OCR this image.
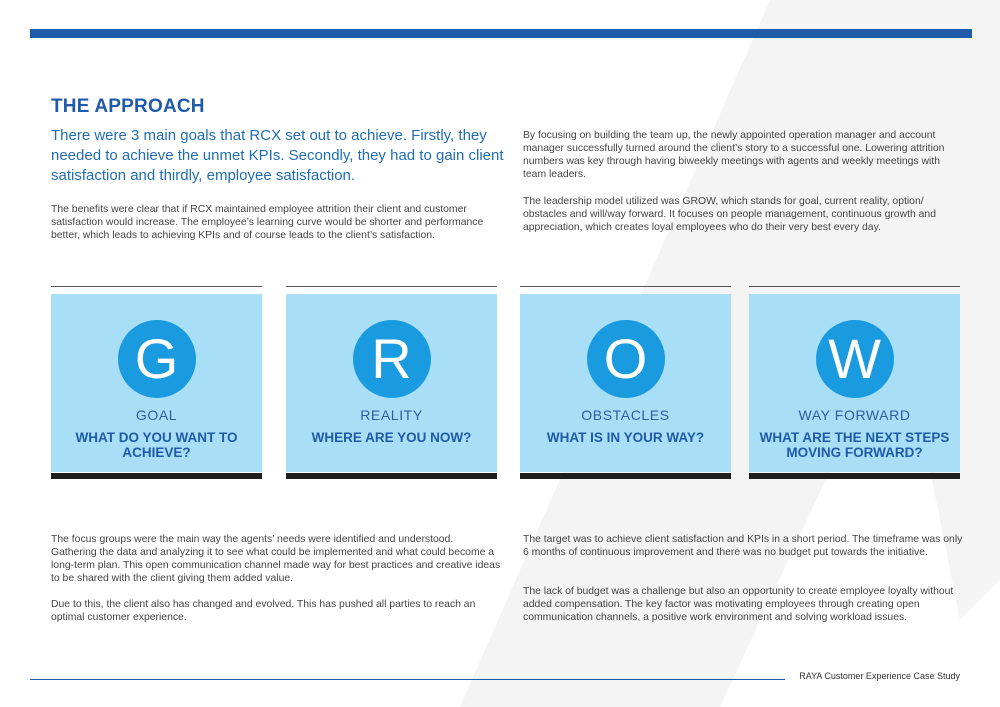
THE APPROACH

There were 3 main goals that RCX set out to achieve. Firstly, they needed to achieve the unmet KPIs. Secondly, they had to gain client satisfaction and thirdly, employee satisfaction.

The benefits were clear that if RCX maintained employee attrition their client and customer satisfaction would increase. The employee’s learning curve would be shorter and performance better, which leads to achieving KPIs and of course leads to the client’s satisfaction.

By focusing on building the team up, the newly appointed operation manager and account manager successfully turned around the client’s story to a successful one. Lowering attrition numbers was key through having biweekly meetings with agents and weekly meetings with team leaders.

The leadership model utilized was GROW, which stands for goal, current reality, option/ obstacles and will/way forward. It focuses on people management, continuous growth and appreciation, which creates loyal employees who do their very best every day.

G
GOAL
WHAT DO YOU WANT TO ACHIEVE?
R
REALITY
WHERE ARE YOU NOW?
O
OBSTACLES
WHAT IS IN YOUR WAY?
W
WAY FORWARD
WHAT ARE THE NEXT STEPS MOVING FORWARD?

The focus groups were the main way the agents’ needs were identified and understood. Gathering the data and analyzing it to see what could be implemented and what could become a long-term plan. This open communication channel made way for best practices and creative ideas to be shared with the client giving them added value.

Due to this, the client also has changed and evolved. This has pushed all parties to reach an optimal customer experience.

The target was to achieve client satisfaction and KPIs in a short period. The timeframe was only 6 months of continuous improvement and there was no budget put towards the initiative.

The lack of budget was a challenge but also an opportunity to create employee loyalty without added compensation. The key factor was motivating employees through creating open communication channels, a positive work environment and solving workload issues.

RAYA Customer Experience Case Study
